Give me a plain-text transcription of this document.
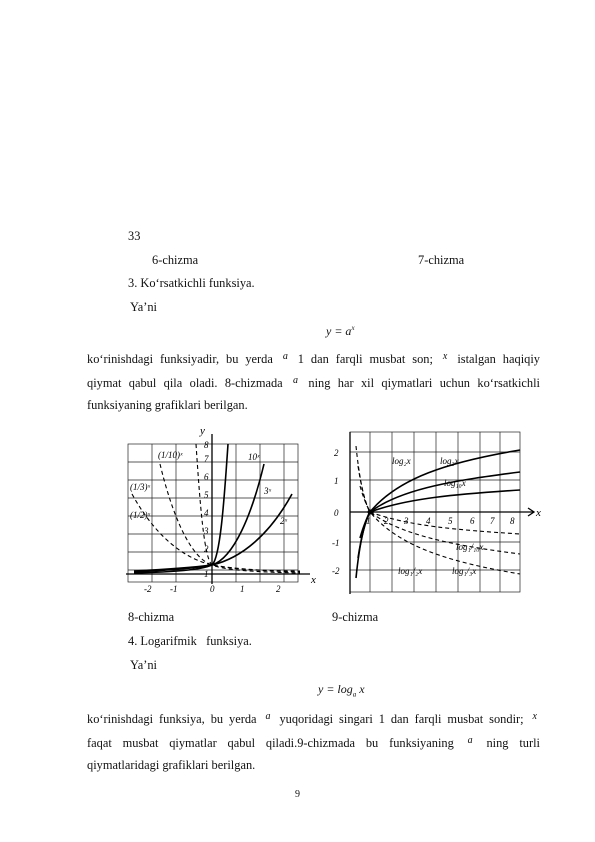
33
6-chizma	7-chizma
3. Ko‘rsatkichli funksiya.
Ya’ni
$y = a^x$
ko‘rinishdagi funksiyadir, bu yerda $^a$ 1 dan farqli musbat son; $^x$ istalgan haqiqiy
qiymat qabul qila oladi. 8-chizmada $^a$ ning har xil qiymatlari uchun ko‘rsatkichli
funksiyaning grafiklari berilgan.
y
x
1
2
3
4
5
6
7
8
-2 -1	0	1	2
10ˣ
3ˣ
2ˣ
(1/10)ˣ
(1/3)ˣ
(1/2)ˣ	x
2
1
0
-1
-2
1 2 3 4 5 6 7 8
log₂x	log₃x
log₁₀x
log₁/₁₀x
log₁/₂x	log₁/₃x
8-chizma	9-chizma
4. Logarifmik   funksiya.
Ya’ni
$y = \log_a x$
ko‘rinishdagi funksiya, bu yerda $^a$ yuqoridagi singari 1 dan farqli musbat sondir; $^x$
faqat musbat qiymatlar qabul qiladi.9-chizmada bu funksiyaning $^a$ ning turli
qiymatlaridagi grafiklari berilgan.
9
